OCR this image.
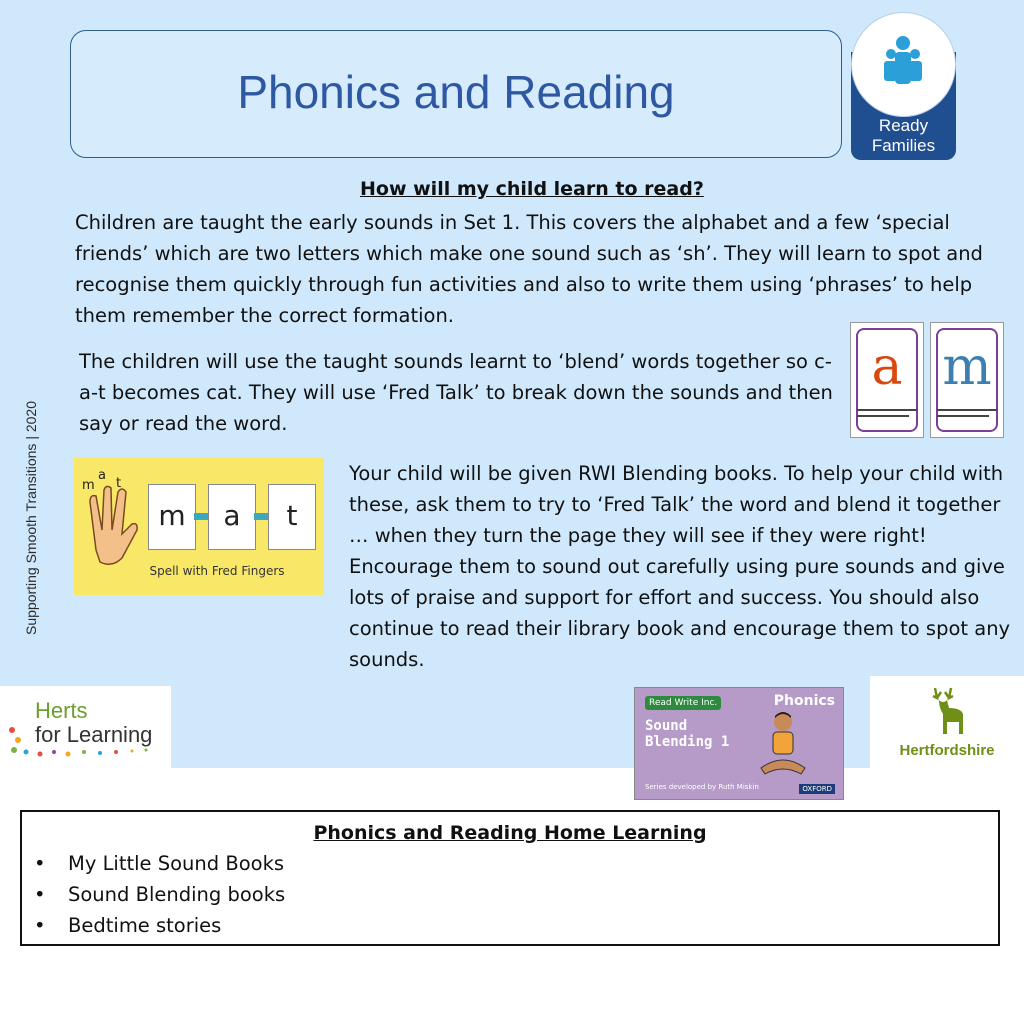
Phonics and Reading
Ready
Families
Supporting Smooth Transitions | 2020
How will my child learn to read?
Children are taught the early sounds in Set 1. This covers the alphabet and a few ‘special friends’ which are two letters which make one sound such as ‘sh’. They will learn to spot and recognise them quickly through fun activities and also to write them using ‘phrases’ to help them remember the correct formation.
The children will use the taught sounds learnt to ‘blend’ words together so c-a-t becomes cat. They will use ‘Fred Talk’ to break down the sounds and then say or read the word.
a m
m
a
t
m	a	t
Spell with Fred Fingers
Your child will be given RWI Blending books. To help your child with these, ask them to try to ‘Fred Talk’ the word and blend it together … when they turn the page they will see if they were right! Encourage them to sound out carefully using pure sounds and give lots of praise and support for effort and success. You should also continue to read their library book and encourage them to spot any sounds.
Herts
for Learning
Read Write Inc.	Phonics
Sound
Blending 1
Series developed by Ruth Miskin	OXFORD
Hertfordshire
Phonics and Reading Home Learning
• My Little Sound Books
• Sound Blending books
• Bedtime stories
